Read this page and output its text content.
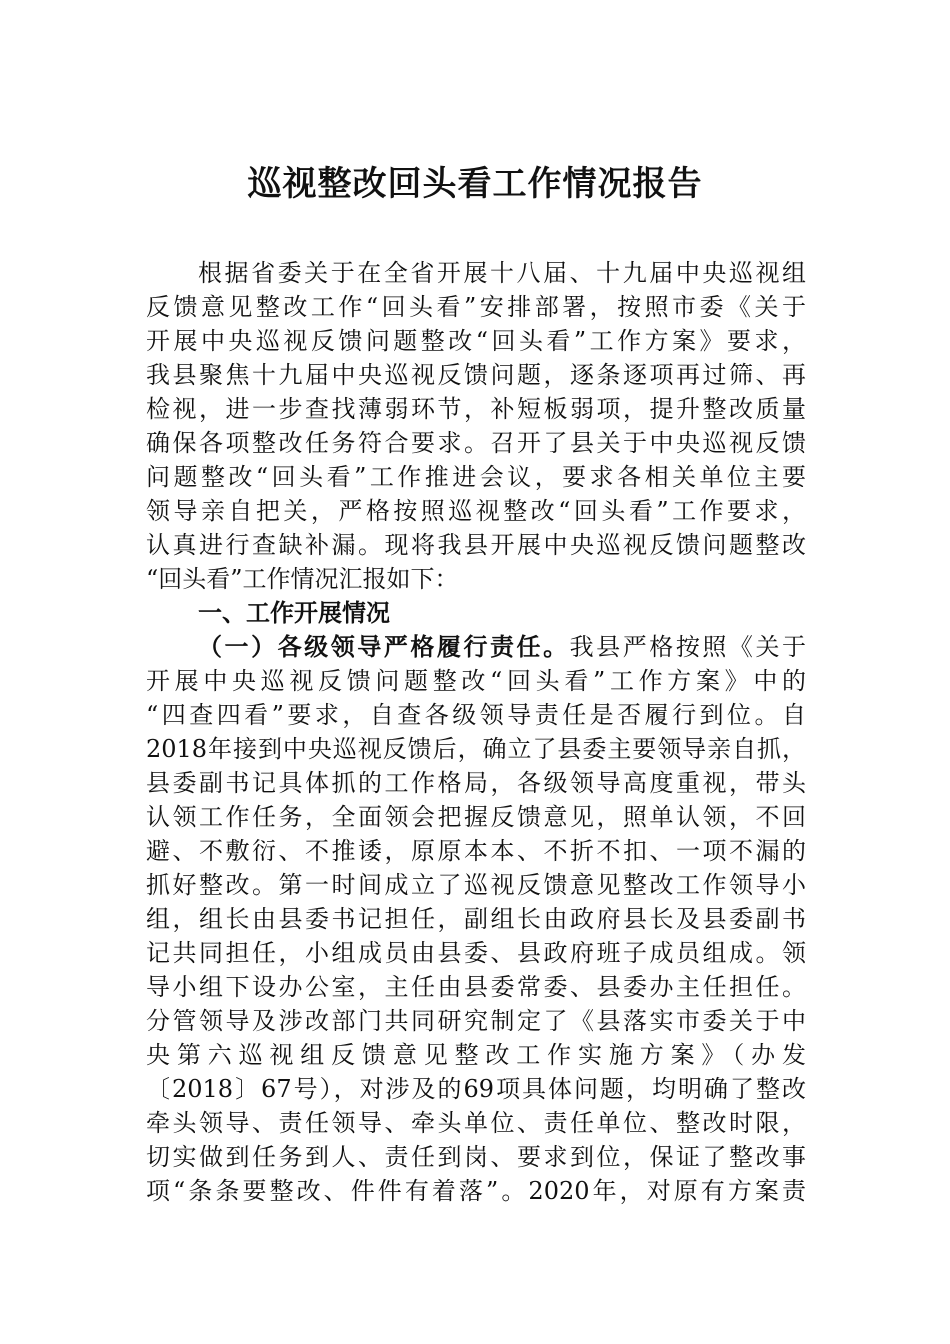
巡视整改回头看工作情况报告
根据省委关于在全省开展十八届、十九届中央巡视组
反馈意见整改工作“回头看”安排部署，按照市委《关于
开展中央巡视反馈问题整改“回头看”工作方案》要求，
我县聚焦十九届中央巡视反馈问题，逐条逐项再过筛、再
检视，进一步查找薄弱环节，补短板弱项，提升整改质量
确保各项整改任务符合要求。召开了县关于中央巡视反馈
问题整改“回头看”工作推进会议，要求各相关单位主要
领导亲自把关，严格按照巡视整改“回头看”工作要求，
认真进行查缺补漏。现将我县开展中央巡视反馈问题整改
“回头看”工作情况汇报如下：
一、工作开展情况
（一）各级领导严格履行责任。我县严格按照《关于
开展中央巡视反馈问题整改“回头看”工作方案》中的
“四查四看”要求，自查各级领导责任是否履行到位。自
2018年接到中央巡视反馈后，确立了县委主要领导亲自抓，
县委副书记具体抓的工作格局，各级领导高度重视，带头
认领工作任务，全面领会把握反馈意见，照单认领，不回
避、不敷衍、不推诿，原原本本、不折不扣、一项不漏的
抓好整改。第一时间成立了巡视反馈意见整改工作领导小
组，组长由县委书记担任，副组长由政府县长及县委副书
记共同担任，小组成员由县委、县政府班子成员组成。领
导小组下设办公室，主任由县委常委、县委办主任担任。
分管领导及涉改部门共同研究制定了《县落实市委关于中
央第六巡视组反馈意见整改工作实施方案》（办发
〔2018〕67号），对涉及的69项具体问题，均明确了整改
牵头领导、责任领导、牵头单位、责任单位、整改时限，
切实做到任务到人、责任到岗、要求到位，保证了整改事
项“条条要整改、件件有着落”。2020年，对原有方案责
